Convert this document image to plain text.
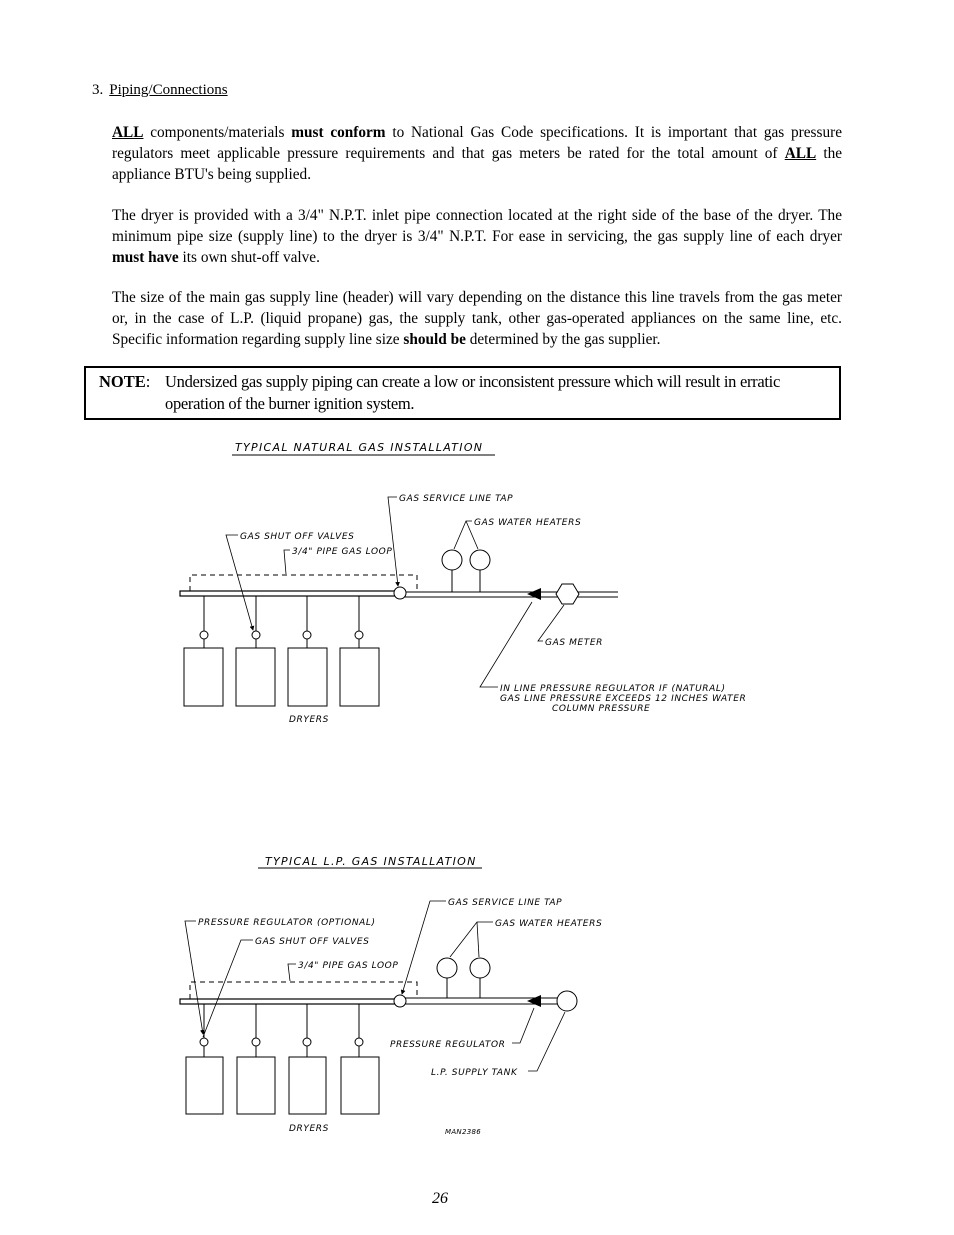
3. Piping/Connections
ALL components/materials must conform to National Gas Code specifications. It is important that gas pressure regulators meet applicable pressure requirements and that gas meters be rated for the total amount of ALL the appliance BTU's being supplied.
The dryer is provided with a 3/4" N.P.T. inlet pipe connection located at the right side of the base of the dryer. The minimum pipe size (supply line) to the dryer is 3/4" N.P.T. For ease in servicing, the gas supply line of each dryer must have its own shut-off valve.
The size of the main gas supply line (header) will vary depending on the distance this line travels from the gas meter or, in the case of L.P. (liquid propane) gas, the supply tank, other gas-operated appliances on the same line, etc. Specific information regarding supply line size should be determined by the gas supplier.
NOTE: Undersized gas supply piping can create a low or inconsistent pressure which will result in erratic operation of the burner ignition system.
TYPICAL NATURAL GAS INSTALLATION
GAS SERVICE LINE TAP
GAS WATER HEATERS
GAS SHUT OFF VALVES
3/4" PIPE GAS LOOP
GAS METER
IN LINE PRESSURE REGULATOR IF (NATURAL)
GAS LINE PRESSURE EXCEEDS 12 INCHES WATER
COLUMN PRESSURE
DRYERS
TYPICAL L.P. GAS INSTALLATION
GAS SERVICE LINE TAP
PRESSURE REGULATOR (OPTIONAL)	GAS WATER HEATERS
GAS SHUT OFF VALVES
3/4" PIPE GAS LOOP
PRESSURE REGULATOR
L.P. SUPPLY TANK
DRYERS	MAN2386
26
